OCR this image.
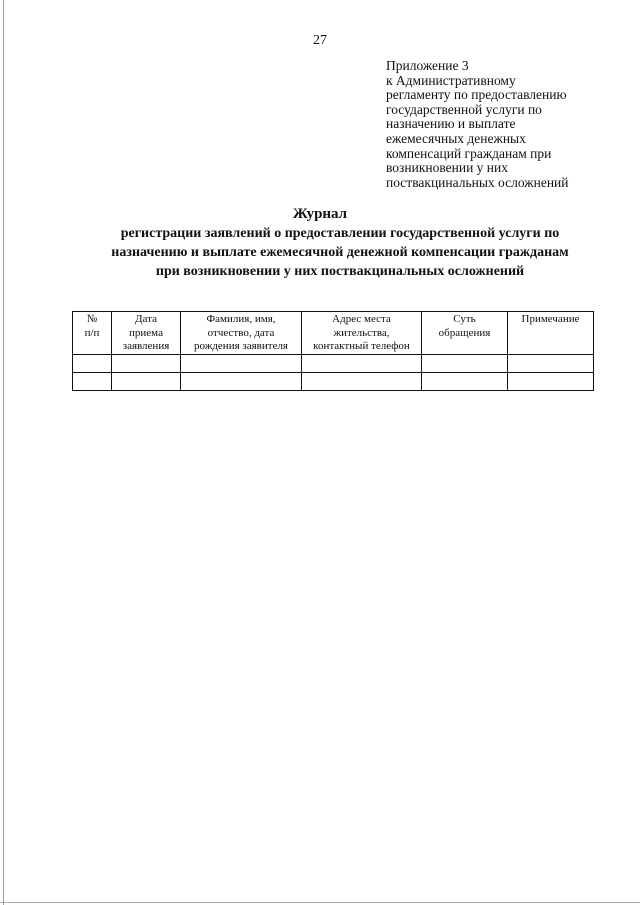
27
Приложение 3
к Административному
регламенту по предоставлению
государственной услуги по
назначению и выплате
ежемесячных денежных
компенсаций гражданам при
возникновении у них
поствакцинальных осложнений
Журнал
регистрации заявлений о предоставлении государственной услуги по
назначению и выплате ежемесячной денежной компенсации гражданам
при возникновении у них поствакцинальных осложнений
№
п/п	Дата
приема
заявления	Фамилия, имя,
отчество, дата
рождения заявителя	Адрес места
жительства,
контактный телефон	Суть
обращения	Примечание
